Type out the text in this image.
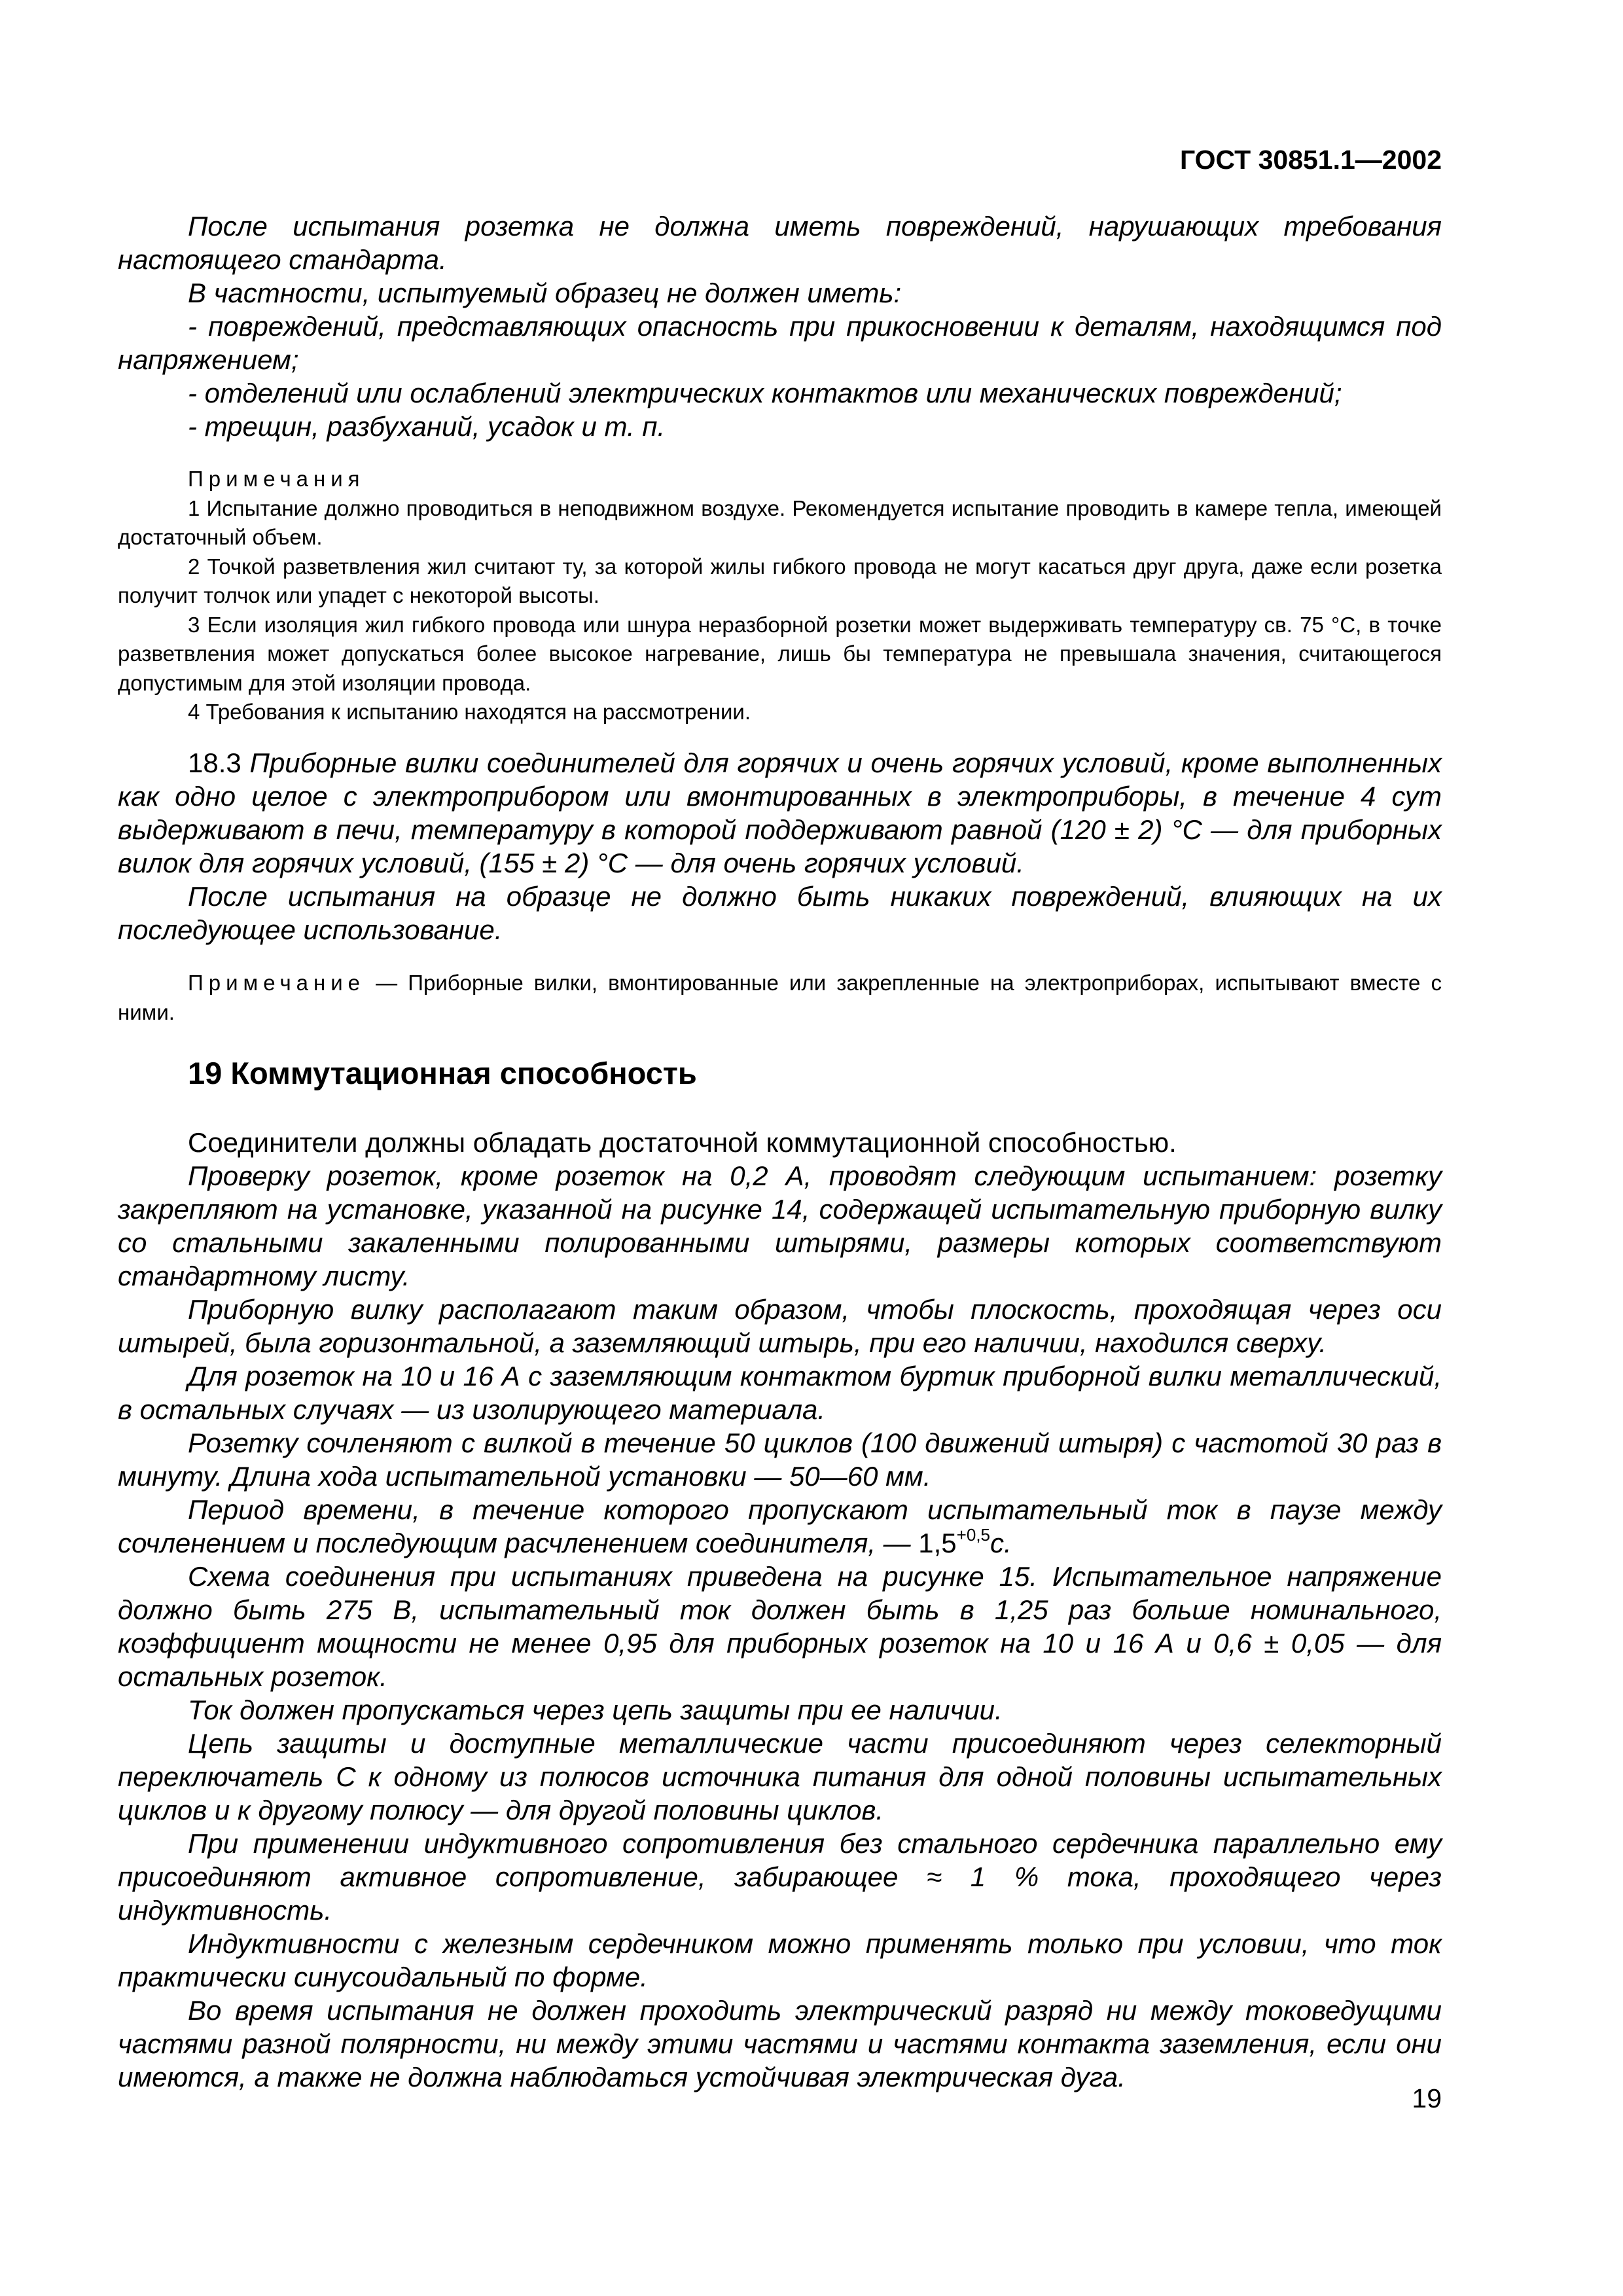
ГОСТ 30851.1—2002

После испытания розетка не должна иметь повреждений, нарушающих требования настоящего стандарта.

В частности, испытуемый образец не должен иметь:

- повреждений, представляющих опасность при прикосновении к деталям, находящимся под напряжением;

- отделений или ослаблений электрических контактов или механических повреждений;

- трещин, разбуханий, усадок и т. п.

Примечания

1 Испытание должно проводиться в неподвижном воздухе. Рекомендуется испытание проводить в камере тепла, имеющей достаточный объем.

2 Точкой разветвления жил считают ту, за которой жилы гибкого провода не могут касаться друг друга, даже если розетка получит толчок или упадет с некоторой высоты.

3 Если изоляция жил гибкого провода или шнура неразборной розетки может выдерживать температуру св. 75 °С, в точке разветвления может допускаться более высокое нагревание, лишь бы температура не превышала значения, считающегося допустимым для этой изоляции провода.

4 Требования к испытанию находятся на рассмотрении.

18.3 Приборные вилки соединителей для горячих и очень горячих условий, кроме выполненных как одно целое с электроприбором или вмонтированных в электроприборы, в течение 4 сут выдерживают в печи, температуру в которой поддерживают равной (120 ± 2) °С — для приборных вилок для горячих условий, (155 ± 2) °С — для очень горячих условий.

После испытания на образце не должно быть никаких повреждений, влияющих на их последующее использование.

Примечание — Приборные вилки, вмонтированные или закрепленные на электроприборах, испытывают вместе с ними.

19 Коммутационная способность

Соединители должны обладать достаточной коммутационной способностью.

Проверку розеток, кроме розеток на 0,2 А, проводят следующим испытанием: розетку закрепляют на установке, указанной на рисунке 14, содержащей испытательную приборную вилку со стальными закаленными полированными штырями, размеры которых соответствуют стандартному листу.

Приборную вилку располагают таким образом, чтобы плоскость, проходящая через оси штырей, была горизонтальной, а заземляющий штырь, при его наличии, находился сверху.

Для розеток на 10 и 16 А с заземляющим контактом буртик приборной вилки металлический, в остальных случаях — из изолирующего материала.

Розетку сочленяют с вилкой в течение 50 циклов (100 движений штыря) с частотой 30 раз в минуту. Длина хода испытательной установки — 50—60 мм.

Период времени, в течение которого пропускают испытательный ток в паузе между сочленением и последующим расчленением соединителя, — $1,5^{+0,5}с$.

Схема соединения при испытаниях приведена на рисунке 15. Испытательное напряжение должно быть 275 В, испытательный ток должен быть в 1,25 раз больше номинального, коэффициент мощности не менее 0,95 для приборных розеток на 10 и 16 А и 0,6 ± 0,05 — для остальных розеток.

Ток должен пропускаться через цепь защиты при ее наличии.

Цепь защиты и доступные металлические части присоединяют через селекторный переключатель С к одному из полюсов источника питания для одной половины испытательных циклов и к другому полюсу — для другой половины циклов.

При применении индуктивного сопротивления без стального сердечника параллельно ему присоединяют активное сопротивление, забирающее ≈ 1 % тока, проходящего через индуктивность.

Индуктивности с железным сердечником можно применять только при условии, что ток практически синусоидальный по форме.

Во время испытания не должен проходить электрический разряд ни между токоведущими частями разной полярности, ни между этими частями и частями контакта заземления, если они имеются, а также не должна наблюдаться устойчивая электрическая дуга.

19
